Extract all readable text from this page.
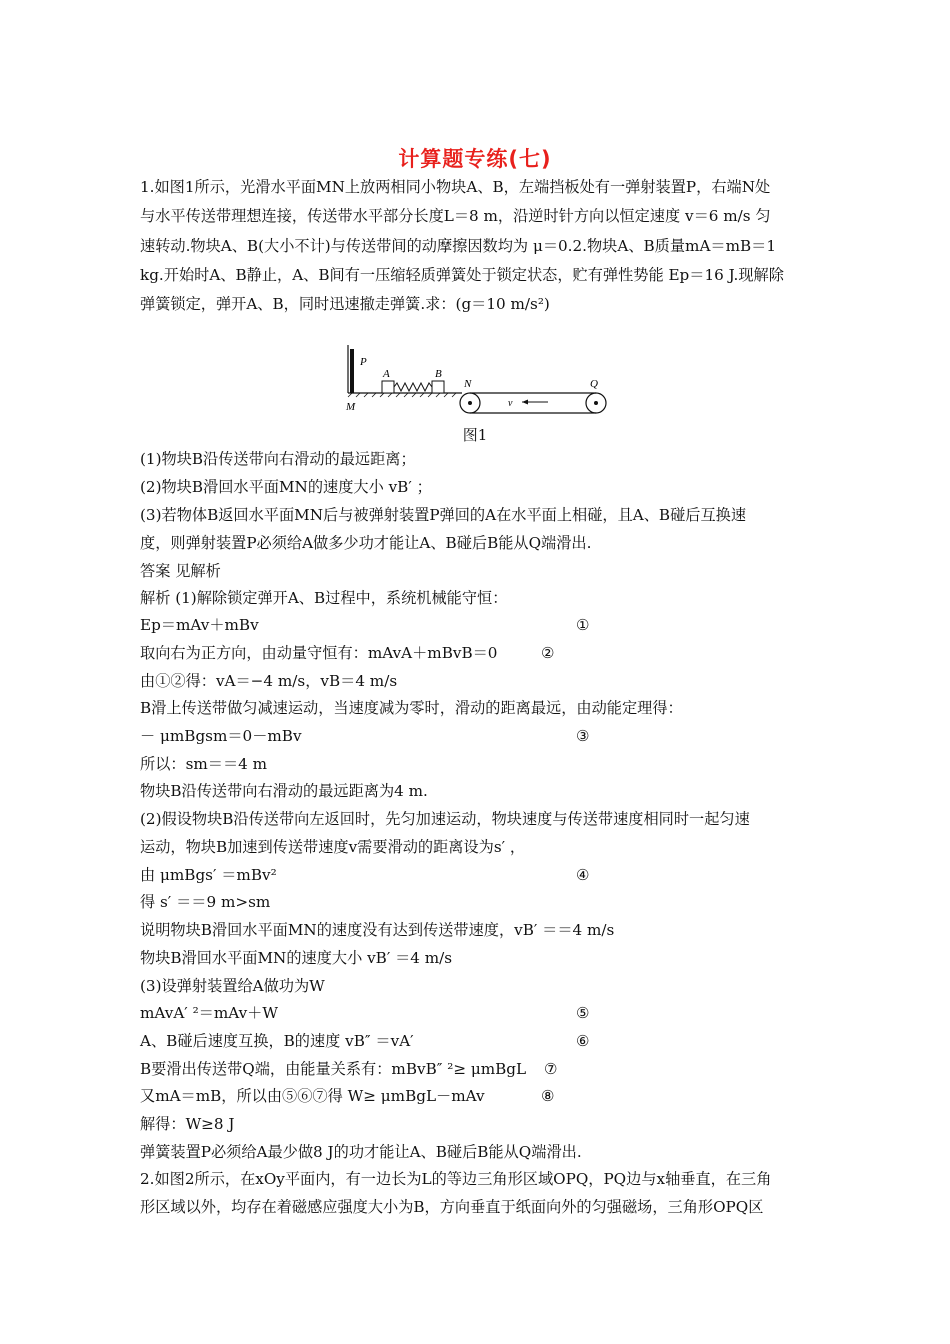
计算题专练(七)
1.如图1所示，光滑水平面MN上放两相同小物块A、B，左端挡板处有一弹射装置P，右端N处
与水平传送带理想连接，传送带水平部分长度L＝8 m，沿逆时针方向以恒定速度 v＝6 m/s 匀
速转动.物块A、B(大小不计)与传送带间的动摩擦因数均为 μ＝0.2.物块A、B质量mA＝mB＝1
kg.开始时A、B静止，A、B间有一压缩轻质弹簧处于锁定状态，贮有弹性势能 Ep＝16 J.现解除
弹簧锁定，弹开A、B，同时迅速撤走弹簧.求：(g＝10 m/s²)
P
A	B
N	Q
M	v
图1
(1)物块B沿传送带向右滑动的最远距离；
(2)物块B滑回水平面MN的速度大小 vB′ ；
(3)若物体B返回水平面MN后与被弹射装置P弹回的A在水平面上相碰，且A、B碰后互换速
度，则弹射装置P必须给A做多少功才能让A、B碰后B能从Q端滑出.
答案 见解析
解析 (1)解除锁定弹开A、B过程中，系统机械能守恒：
Ep＝mAv＋mBv	①
取向右为正方向，由动量守恒有：mAvA＋mBvB＝0	②
由①②得：vA＝−4 m/s，vB＝4 m/s
B滑上传送带做匀减速运动，当速度减为零时，滑动的距离最远，由动能定理得：
－ μmBgsm＝0－mBv	③
所以：sm＝＝4 m
物块B沿传送带向右滑动的最远距离为4 m.
(2)假设物块B沿传送带向左返回时，先匀加速运动，物块速度与传送带速度相同时一起匀速
运动，物块B加速到传送带速度v需要滑动的距离设为s′ ，
由 μmBgs′ ＝mBv²	④
得 s′ ＝＝9 m>sm
说明物块B滑回水平面MN的速度没有达到传送带速度，vB′ ＝＝4 m/s
物块B滑回水平面MN的速度大小 vB′ ＝4 m/s
(3)设弹射装置给A做功为W
mAvA′ ²＝mAv＋W	⑤
A、B碰后速度互换，B的速度 vB″ ＝vA′	⑥
B要滑出传送带Q端，由能量关系有：mBvB″ ²≥ μmBgL ⑦
又mA＝mB，所以由⑤⑥⑦得 W≥ μmBgL－mAv	⑧
解得：W≥8 J
弹簧装置P必须给A最少做8 J的功才能让A、B碰后B能从Q端滑出.
2.如图2所示，在xOy平面内，有一边长为L的等边三角形区域OPQ，PQ边与x轴垂直，在三角
形区域以外，均存在着磁感应强度大小为B，方向垂直于纸面向外的匀强磁场，三角形OPQ区
